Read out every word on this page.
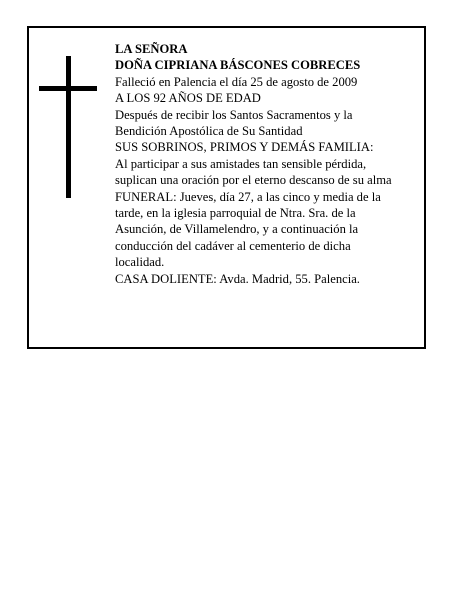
LA SEÑORA
DOÑA CIPRIANA BÁSCONES COBRECES
Falleció en Palencia el día 25 de agosto de 2009
A LOS 92 AÑOS DE EDAD
Después de recibir los Santos Sacramentos y la
Bendición Apostólica de Su Santidad
SUS SOBRINOS, PRIMOS Y DEMÁS FAMILIA:
Al participar a sus amistades tan sensible pérdida,
suplican una oración por el eterno descanso de su alma
FUNERAL: Jueves, día 27, a las cinco y media de la
tarde, en la iglesia parroquial de Ntra. Sra. de la
Asunción, de Villamelendro, y a continuación la
conducción del cadáver al cementerio de dicha
localidad.
CASA DOLIENTE: Avda. Madrid, 55. Palencia.
